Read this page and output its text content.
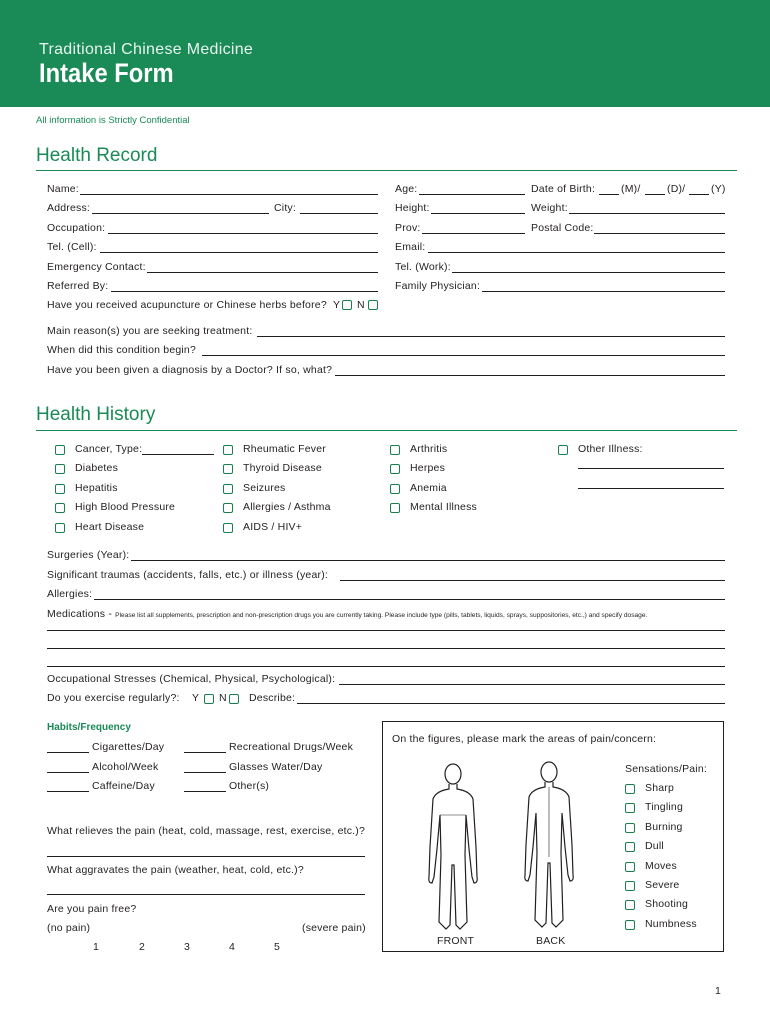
Traditional Chinese Medicine
Intake Form
All information is Strictly Confidential
Health Record
Name:
Address:	City:
Occupation:
Tel. (Cell):
Emergency Contact:
Referred By:
Age:	Date of Birth: (M)/	(D)/ (Y)
Height:	Weight:
Prov:	Postal Code:
Email:
Tel. (Work):
Family Physician:
Have you received acupuncture or Chinese herbs before? Y N
Main reason(s) you are seeking treatment:
When did this condition begin?
Have you been given a diagnosis by a Doctor? If so, what?
Health History
Cancer, Type:
Diabetes
Hepatitis
High Blood Pressure
Heart Disease
Rheumatic Fever
Thyroid Disease
Seizures
Allergies / Asthma
AIDS / HIV+
Arthritis
Herpes
Anemia
Mental Illness
Other Illness:
Surgeries (Year):
Significant traumas (accidents, falls, etc.) or illness (year):
Allergies:
Medications - Please list all supplements, prescription and non-prescription drugs you are currently taking. Please include type (pills, tablets, liquids, sprays, suppositories, etc.,) and specify dosage.
Occupational Stresses (Chemical, Physical, Psychological):
Do you exercise regularly?: Y N Describe:
Habits/Frequency
Cigarettes/Day
Alcohol/Week
Caffeine/Day
Recreational Drugs/Week
Glasses Water/Day
Other(s)
What relieves the pain (heat, cold, massage, rest, exercise, etc.)?
What aggravates the pain (weather, heat, cold, etc.)?
Are you pain free?
(no pain)	(severe pain)
1	2	3	4	5
On the figures, please mark the areas of pain/concern:
FRONT	BACK
Sensations/Pain:
Sharp
Tingling
Burning
Dull
Moves
Severe
Shooting
Numbness
1
